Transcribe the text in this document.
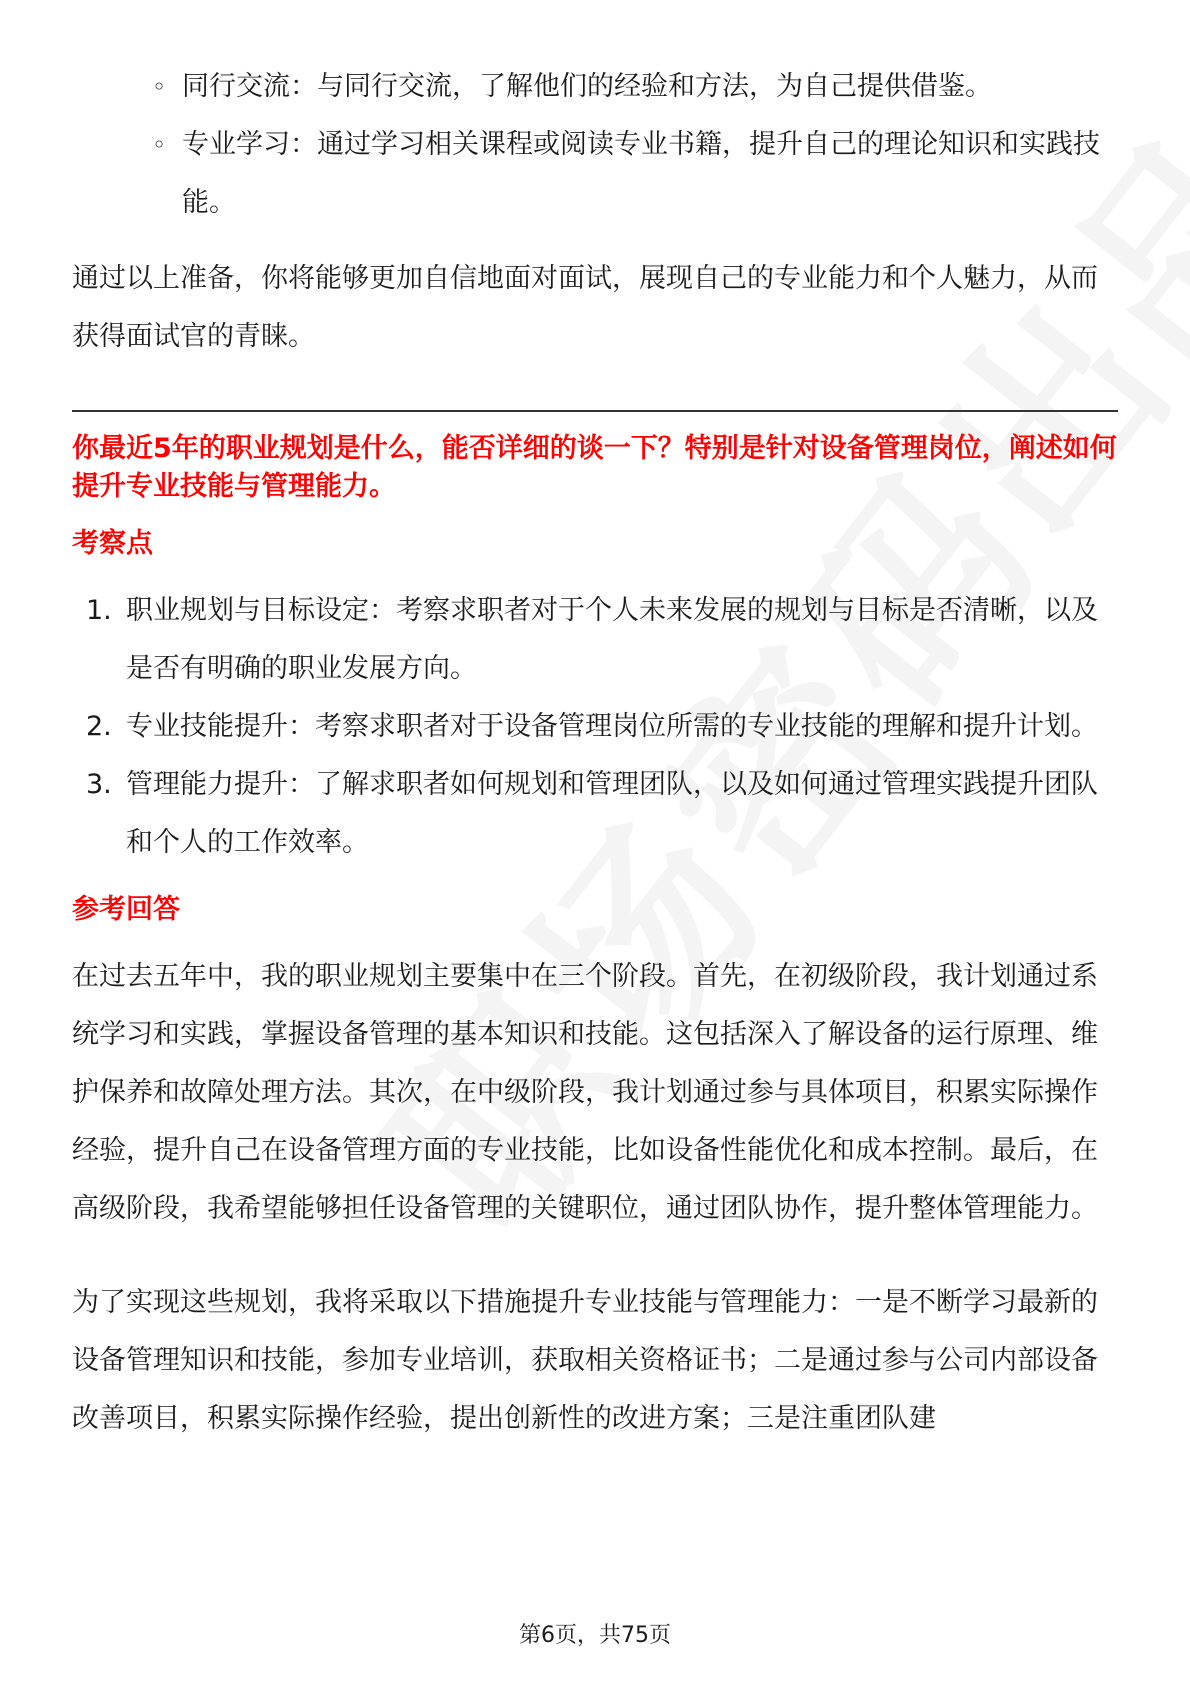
◦ 同行交流：与同行交流，了解他们的经验和方法，为自己提供借鉴。
◦ 专业学习：通过学习相关课程或阅读专业书籍，提升自己的理论知识和实践技能。

通过以上准备，你将能够更加自信地面对面试，展现自己的专业能力和个人魅力，从而获得面试官的青睐。

你最近5年的职业规划是什么，能否详细的谈一下？特别是针对设备管理岗位，阐述如何提升专业技能与管理能力。

考察点
1. 职业规划与目标设定：考察求职者对于个人未来发展的规划与目标是否清晰，以及是否有明确的职业发展方向。
2. 专业技能提升：考察求职者对于设备管理岗位所需的专业技能的理解和提升计划。
3. 管理能力提升：了解求职者如何规划和管理团队，以及如何通过管理实践提升团队和个人的工作效率。
参考回答

在过去五年中，我的职业规划主要集中在三个阶段。首先，在初级阶段，我计划通过系统学习和实践，掌握设备管理的基本知识和技能。这包括深入了解设备的运行原理、维护保养和故障处理方法。其次，在中级阶段，我计划通过参与具体项目，积累实际操作经验，提升自己在设备管理方面的专业技能，比如设备性能优化和成本控制。最后，在高级阶段，我希望能够担任设备管理的关键职位，通过团队协作，提升整体管理能力。

为了实现这些规划，我将采取以下措施提升专业技能与管理能力：一是不断学习最新的设备管理知识和技能，参加专业培训，获取相关资格证书；二是通过参与公司内部设备改善项目，积累实际操作经验，提出创新性的改进方案；三是注重团队建

第6页，共75页
